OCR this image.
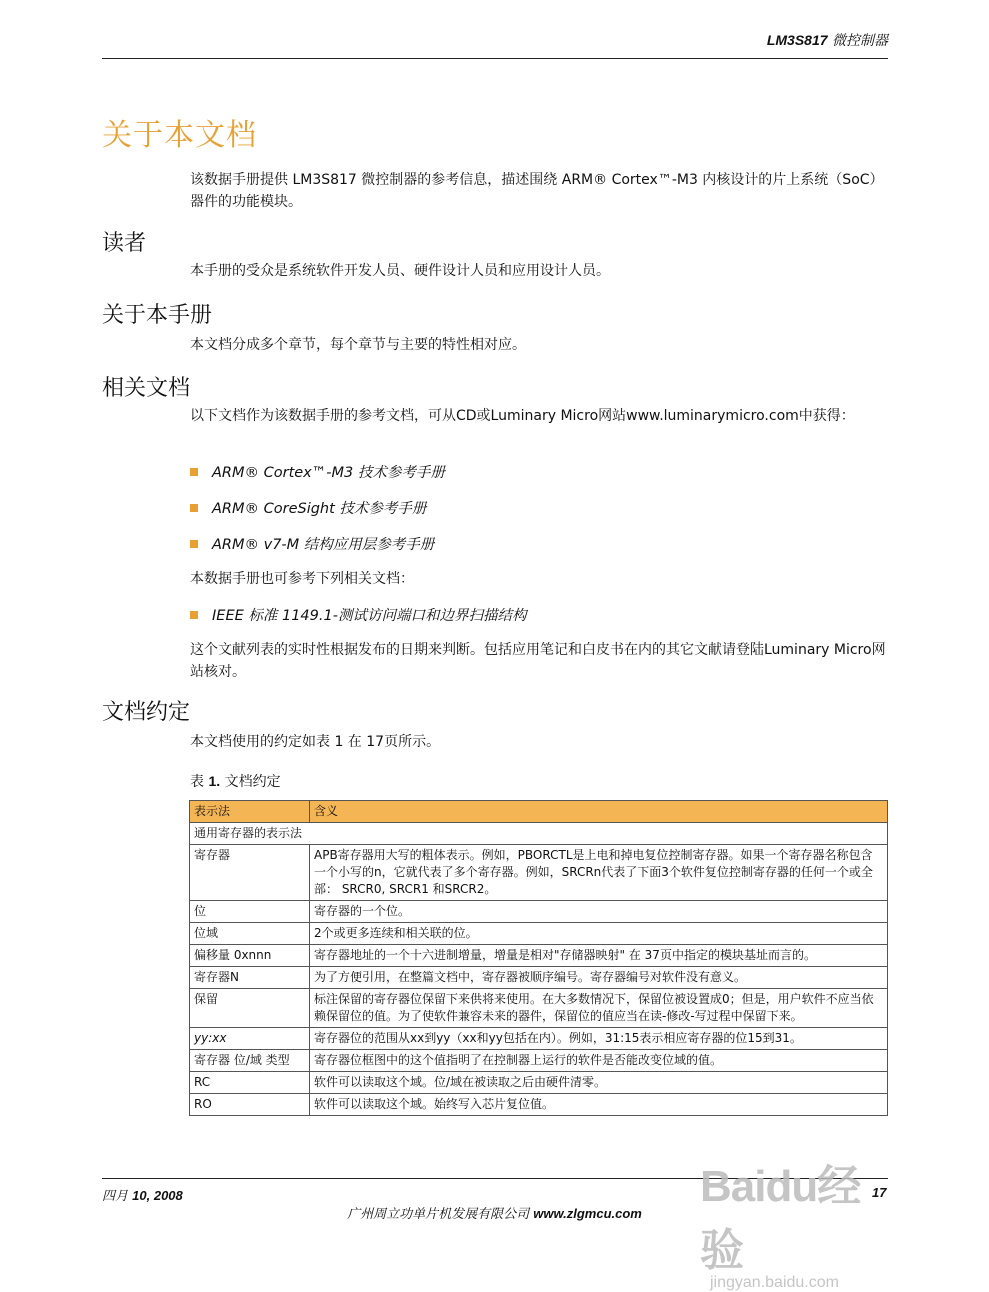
LM3S817 微控制器
关于本文档

该数据手册提供 LM3S817 微控制器的参考信息，描述围绕 ARM® Cortex™-M3 内核设计的片上系统（SoC）器件的功能模块。

读者

本手册的受众是系统软件开发人员、硬件设计人员和应用设计人员。

关于本手册

本文档分成多个章节，每个章节与主要的特性相对应。

相关文档

以下文档作为该数据手册的参考文档，可从CD或Luminary Micro网站www.luminarymicro.com中获得：

ARM® Cortex™-M3 技术参考手册
ARM® CoreSight 技术参考手册
ARM® v7-M 结构应用层参考手册

本数据手册也可参考下列相关文档：

IEEE 标准 1149.1-测试访问端口和边界扫描结构

这个文献列表的实时性根据发布的日期来判断。包括应用笔记和白皮书在内的其它文献请登陆Luminary Micro网站核对。

文档约定

本文档使用的约定如表 1 在 17页所示。

表 1. 文档约定
表示法	含义
通用寄存器的表示法	
寄存器	APB寄存器用大写的粗体表示。例如，PBORCTL是上电和掉电复位控制寄存器。如果一个寄存器名称包含一个小写的n，它就代表了多个寄存器。例如，SRCRn代表了下面3个软件复位控制寄存器的任何一个或全部： SRCR0, SRCR1 和SRCR2。
位	寄存器的一个位。
位域	2个或更多连续和相关联的位。
偏移量 0xnnn	寄存器地址的一个十六进制增量，增量是相对"存储器映射" 在 37页中指定的模块基址而言的。
寄存器N	为了方便引用，在整篇文档中，寄存器被顺序编号。寄存器编号对软件没有意义。
保留	标注保留的寄存器位保留下来供将来使用。在大多数情况下，保留位被设置成0；但是，用户软件不应当依赖保留位的值。为了使软件兼容未来的器件，保留位的值应当在读-修改-写过程中保留下来。
yy:xx	寄存器位的范围从xx到yy（xx和yy包括在内）。例如，31:15表示相应寄存器的位15到31。
寄存器 位/域 类型	寄存器位框图中的这个值指明了在控制器上运行的软件是否能改变位域的值。
RC	软件可以读取这个域。位/域在被读取之后由硬件清零。
RO	软件可以读取这个域。始终写入芯片复位值。
四月 10, 2008	17
广州周立功单片机发展有限公司 www.zlgmcu.com
Baidu经验
jingyan.baidu.com
